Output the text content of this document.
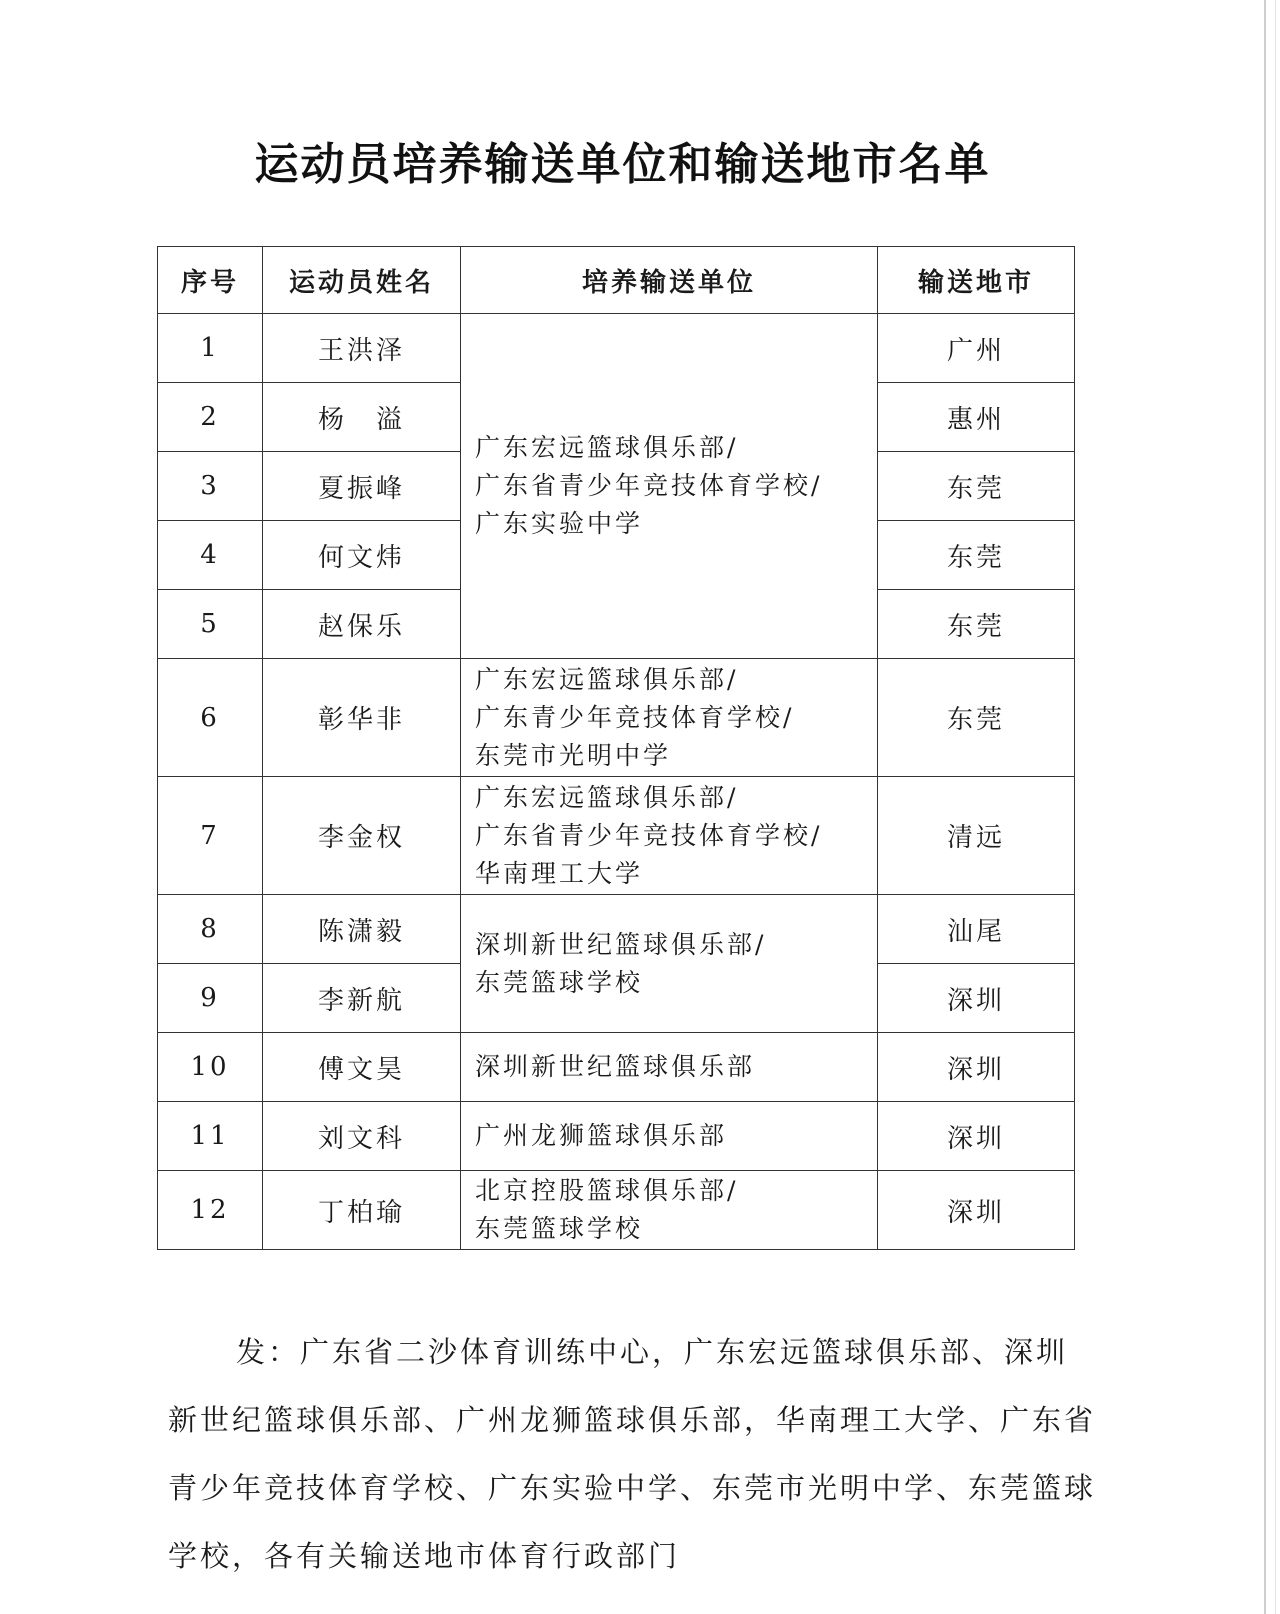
运动员培养输送单位和输送地市名单
序号	运动员姓名	培养输送单位	输送地市
1	王洪泽	广东宏远篮球俱乐部/
广东省青少年竞技体育学校/
广东实验中学	广州
2	杨　溢		惠州
3	夏振峰		东莞
4	何文炜		东莞
5	赵保乐		东莞
6	彰华非	广东宏远篮球俱乐部/
广东青少年竞技体育学校/
东莞市光明中学	东莞
7	李金权	广东宏远篮球俱乐部/
广东省青少年竞技体育学校/
华南理工大学	清远
8	陈潇毅	深圳新世纪篮球俱乐部/
东莞篮球学校	汕尾
9	李新航		深圳
10	傅文昊	深圳新世纪篮球俱乐部	深圳
11	刘文科	广州龙狮篮球俱乐部	深圳
12	丁柏瑜	北京控股篮球俱乐部/
东莞篮球学校	深圳
发：广东省二沙体育训练中心，广东宏远篮球俱乐部、深圳新世纪篮球俱乐部、广州龙狮篮球俱乐部，华南理工大学、广东省青少年竞技体育学校、广东实验中学、东莞市光明中学、东莞篮球学校，各有关输送地市体育行政部门
